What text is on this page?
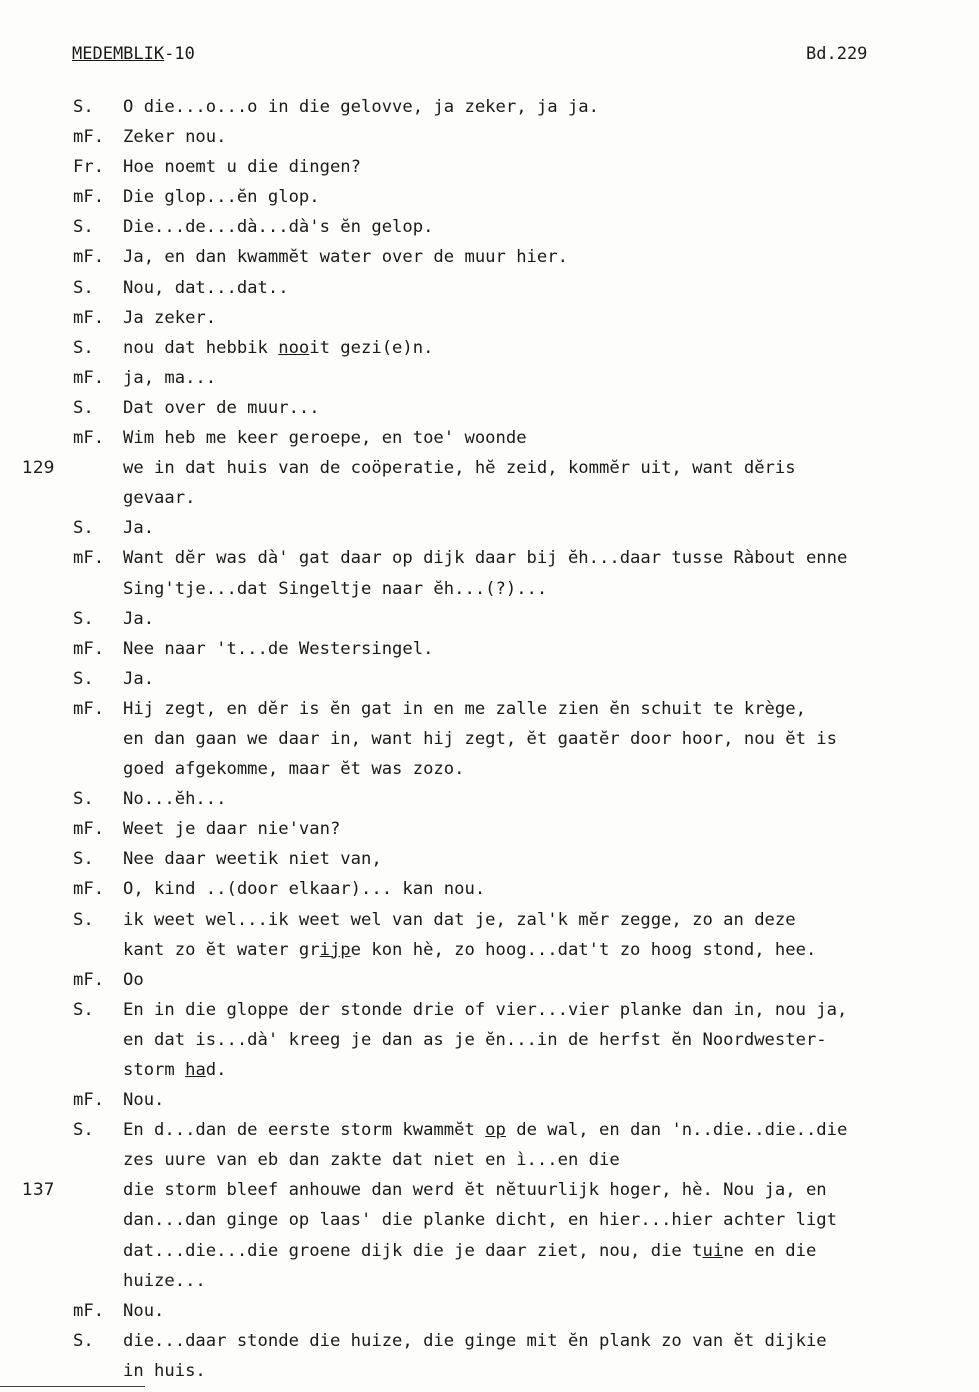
MEDEMBLIK-10	Bd.229
S. O die...o...o in die gelovve, ja zeker, ja ja.
mF. Zeker nou.
Fr. Hoe noemt u die dingen?
mF. Die glop...ĕn glop.
S. Die...de...dà...dà's ĕn gelop.
mF. Ja, en dan kwammĕt water over de muur hier.
S. Nou, dat...dat..
mF. Ja zeker.
S. nou dat hebbik nooit gezi(e)n.
mF. ja, ma...
S. Dat over de muur...
mF. Wim heb me keer geroepe, en toe' woonde
129	we in dat huis van de coöperatie, hĕ zeid, kommĕr uit, want dĕris
gevaar.
S. Ja.
mF. Want dĕr was dà' gat daar op dijk daar bij ĕh...daar tusse Ràbout enne
Sing'tje...dat Singeltje naar ĕh...(?)...
S. Ja.
mF. Nee naar 't...de Westersingel.
S. Ja.
mF. Hij zegt, en dĕr is ĕn gat in en me zalle zien ĕn schuit te krège,
en dan gaan we daar in, want hij zegt, ĕt gaatĕr door hoor, nou ĕt is
goed afgekomme, maar ĕt was zozo.
S. No...ĕh...
mF. Weet je daar nie'van?
S. Nee daar weetik niet van,
mF. O, kind ..(door elkaar)... kan nou.
S. ik weet wel...ik weet wel van dat je, zal'k mĕr zegge, zo an deze
kant zo ĕt water grijpe kon hè, zo hoog...dat't zo hoog stond, hee.
mF. Oo
S. En in die gloppe der stonde drie of vier...vier planke dan in, nou ja,
en dat is...dà' kreeg je dan as je ĕn...in de herfst ĕn Noordwester-
storm had.
mF. Nou.
S. En d...dan de eerste storm kwammĕt op de wal, en dan 'n..die..die..die
zes uure van eb dan zakte dat niet en ì...en die
137	die storm bleef anhouwe dan werd ĕt nĕtuurlijk hoger, hè. Nou ja, en
dan...dan ginge op laas' die planke dicht, en hier...hier achter ligt
dat...die...die groene dijk die je daar ziet, nou, die tuine en die
huize...
mF. Nou.
S. die...daar stonde die huize, die ginge mit ĕn plank zo van ĕt dijkie
in huis.
